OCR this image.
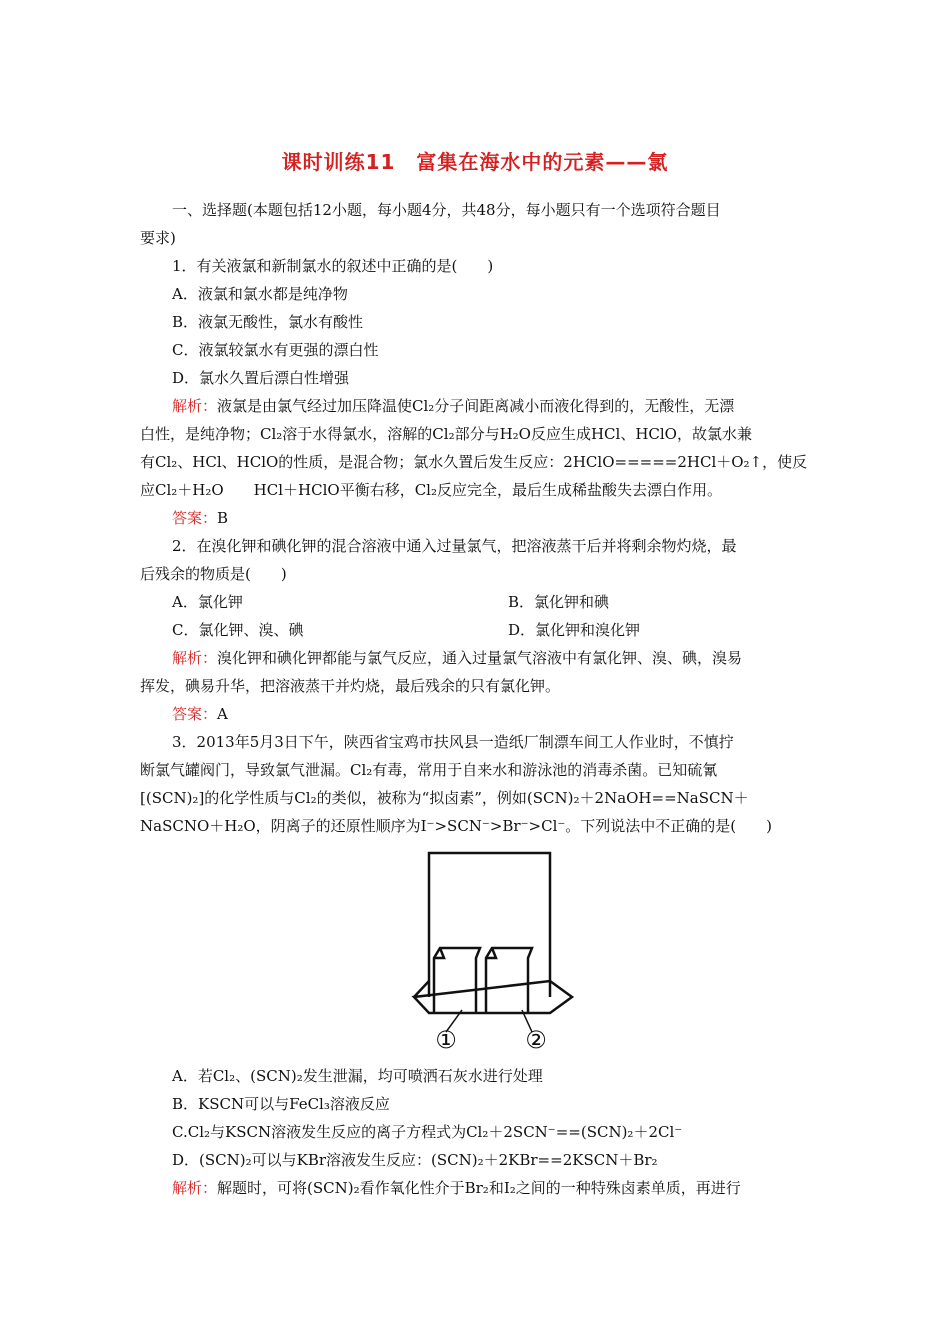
课时训练11　富集在海水中的元素——氯
一、选择题(本题包括12小题，每小题4分，共48分，每小题只有一个选项符合题目
要求)
1．有关液氯和新制氯水的叙述中正确的是(　　)
A．液氯和氯水都是纯净物
B．液氯无酸性，氯水有酸性
C．液氯较氯水有更强的漂白性
D．氯水久置后漂白性增强
解析：液氯是由氯气经过加压降温使Cl₂分子间距离减小而液化得到的，无酸性，无漂
白性，是纯净物；Cl₂溶于水得氯水，溶解的Cl₂部分与H₂O反应生成HCl、HClO，故氯水兼
有Cl₂、HCl、HClO的性质，是混合物；氯水久置后发生反应：2HClO=====2HCl＋O₂↑，使反
应Cl₂＋H₂O　　HCl＋HClO平衡右移，Cl₂反应完全，最后生成稀盐酸失去漂白作用。
答案：B
2．在溴化钾和碘化钾的混合溶液中通入过量氯气，把溶液蒸干后并将剩余物灼烧，最
后残余的物质是(　　)
A．氯化钾	B．氯化钾和碘
C．氯化钾、溴、碘	D．氯化钾和溴化钾
解析：溴化钾和碘化钾都能与氯气反应，通入过量氯气溶液中有氯化钾、溴、碘，溴易
挥发，碘易升华，把溶液蒸干并灼烧，最后残余的只有氯化钾。
答案：A
3．2013年5月3日下午，陕西省宝鸡市扶风县一造纸厂制漂车间工人作业时，不慎拧
断氯气罐阀门，导致氯气泄漏。Cl₂有毒，常用于自来水和游泳池的消毒杀菌。已知硫氰
[(SCN)₂]的化学性质与Cl₂的类似，被称为“拟卤素”，例如(SCN)₂＋2NaOH==NaSCN＋
NaSCNO＋H₂O，阴离子的还原性顺序为I⁻>SCN⁻>Br⁻>Cl⁻。下列说法中不正确的是(　　)
①	②
A．若Cl₂、(SCN)₂发生泄漏，均可喷洒石灰水进行处理
B．KSCN可以与FeCl₃溶液反应
C.Cl₂与KSCN溶液发生反应的离子方程式为Cl₂＋2SCN⁻==(SCN)₂＋2Cl⁻
D．(SCN)₂可以与KBr溶液发生反应：(SCN)₂＋2KBr==2KSCN＋Br₂
解析：解题时，可将(SCN)₂看作氧化性介于Br₂和I₂之间的一种特殊卤素单质，再进行
